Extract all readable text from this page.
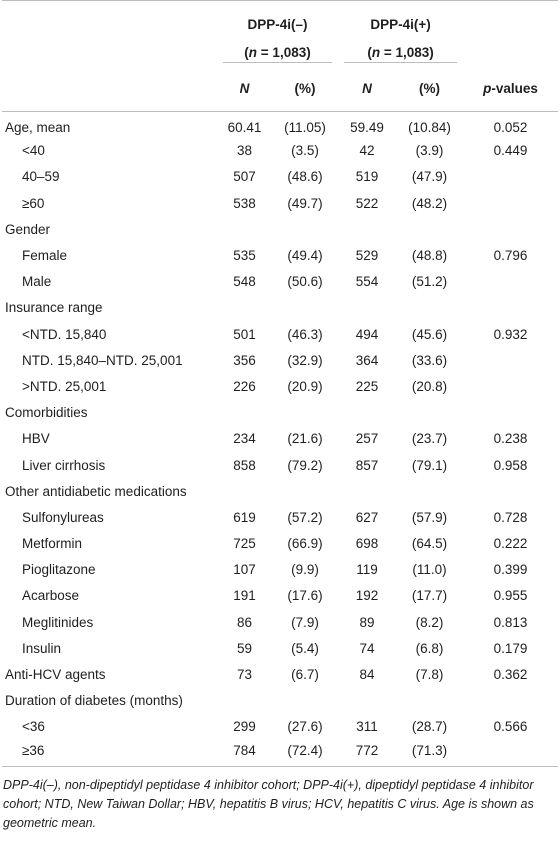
	DPP-4i(–)		DPP-4i(+)		
	(n = 1,083)		(n = 1,083)		
	N	(%)	N	(%)	p-values
Age, mean	60.41	(11.05)	59.49	(10.84)	0.052
<40	38	(3.5)	42	(3.9)	0.449
40–59	507	(48.6)	519	(47.9)	
≥60	538	(49.7)	522	(48.2)	
Gender					
Female	535	(49.4)	529	(48.8)	0.796
Male	548	(50.6)	554	(51.2)	
Insurance range					
<NTD. 15,840	501	(46.3)	494	(45.6)	0.932
NTD. 15,840–NTD. 25,001	356	(32.9)	364	(33.6)	
>NTD. 25,001	226	(20.9)	225	(20.8)	
Comorbidities					
HBV	234	(21.6)	257	(23.7)	0.238
Liver cirrhosis	858	(79.2)	857	(79.1)	0.958
Other antidiabetic medications					
Sulfonylureas	619	(57.2)	627	(57.9)	0.728
Metformin	725	(66.9)	698	(64.5)	0.222
Pioglitazone	107	(9.9)	119	(11.0)	0.399
Acarbose	191	(17.6)	192	(17.7)	0.955
Meglitinides	86	(7.9)	89	(8.2)	0.813
Insulin	59	(5.4)	74	(6.8)	0.179
Anti-HCV agents	73	(6.7)	84	(7.8)	0.362
Duration of diabetes (months)					
<36	299	(27.6)	311	(28.7)	0.566
≥36	784	(72.4)	772	(71.3)	
DPP-4i(–), non-dipeptidyl peptidase 4 inhibitor cohort; DPP-4i(+), dipeptidyl peptidase 4 inhibitor cohort; NTD, New Taiwan Dollar; HBV, hepatitis B virus; HCV, hepatitis C virus. Age is shown as geometric mean.
